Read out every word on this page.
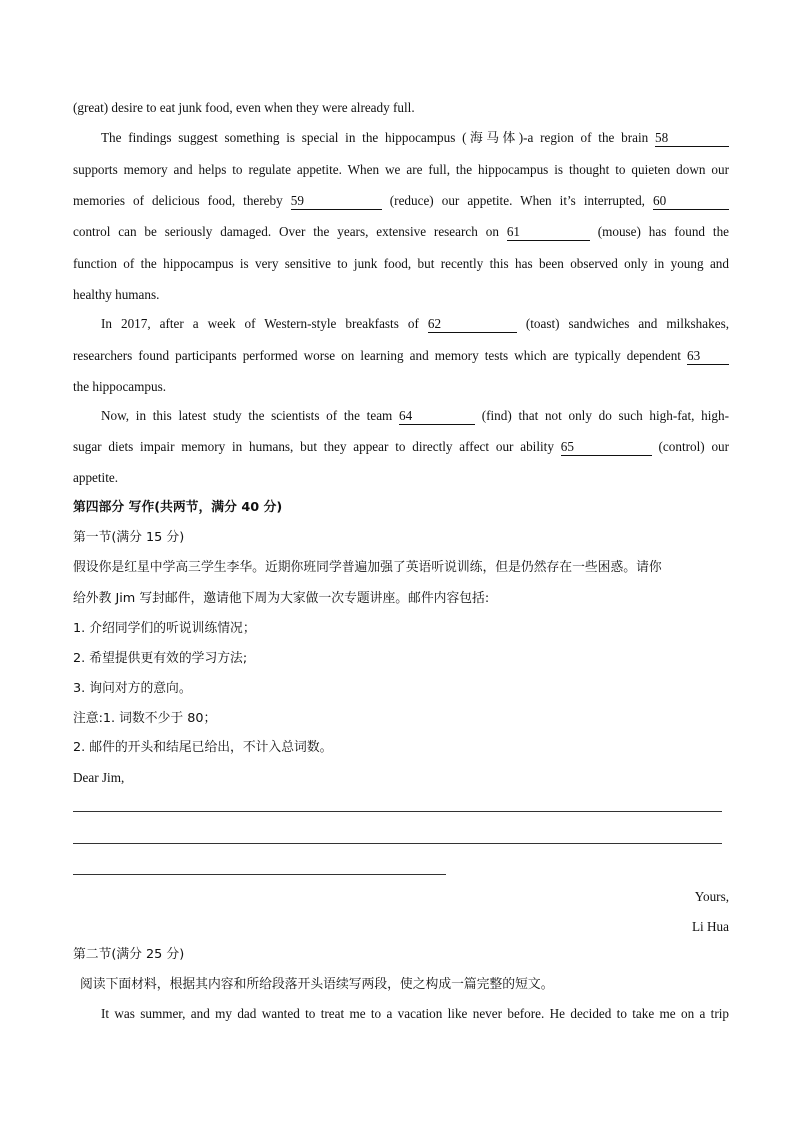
(great) desire to eat junk food, even when they were already full.
The findings suggest something is special in the hippocampus (海马体)-a region of the brain 58
supports memory and helps to regulate appetite. When we are full, the hippocampus is thought to quieten down our
memories of delicious food, thereby 59	(reduce) our appetite. When it’s interrupted, 60
control can be seriously damaged. Over the years, extensive research on 61	(mouse) has found the
function of the hippocampus is very sensitive to junk food, but recently this has been observed only in young and
healthy humans.
In 2017, after a week of Western-style breakfasts of 62	(toast) sandwiches and milkshakes,
researchers found participants performed worse on learning and memory tests which are typically dependent 63
the hippocampus.
Now, in this latest study the scientists of the team 64	(find) that not only do such high-fat, high-
sugar diets impair memory in humans, but they appear to directly affect our ability 65	(control) our
appetite.
第四部分 写作(共两节，满分 40 分)
第一节(满分 15 分)
假设你是红星中学高三学生李华。近期你班同学普遍加强了英语听说训练，但是仍然存在一些困惑。请你
给外教 Jim 写封邮件，邀请他下周为大家做一次专题讲座。邮件内容包括:
1. 介绍同学们的听说训练情况；
2. 希望提供更有效的学习方法;
3. 询问对方的意向。
注意:1. 词数不少于 80；
2. 邮件的开头和结尾已给出，不计入总词数。
Dear Jim,
Yours,
Li Hua
第二节(满分 25 分)
阅读下面材料，根据其内容和所给段落开头语续写两段，使之构成一篇完整的短文。
It was summer, and my dad wanted to treat me to a vacation like never before. He decided to take me on a trip
